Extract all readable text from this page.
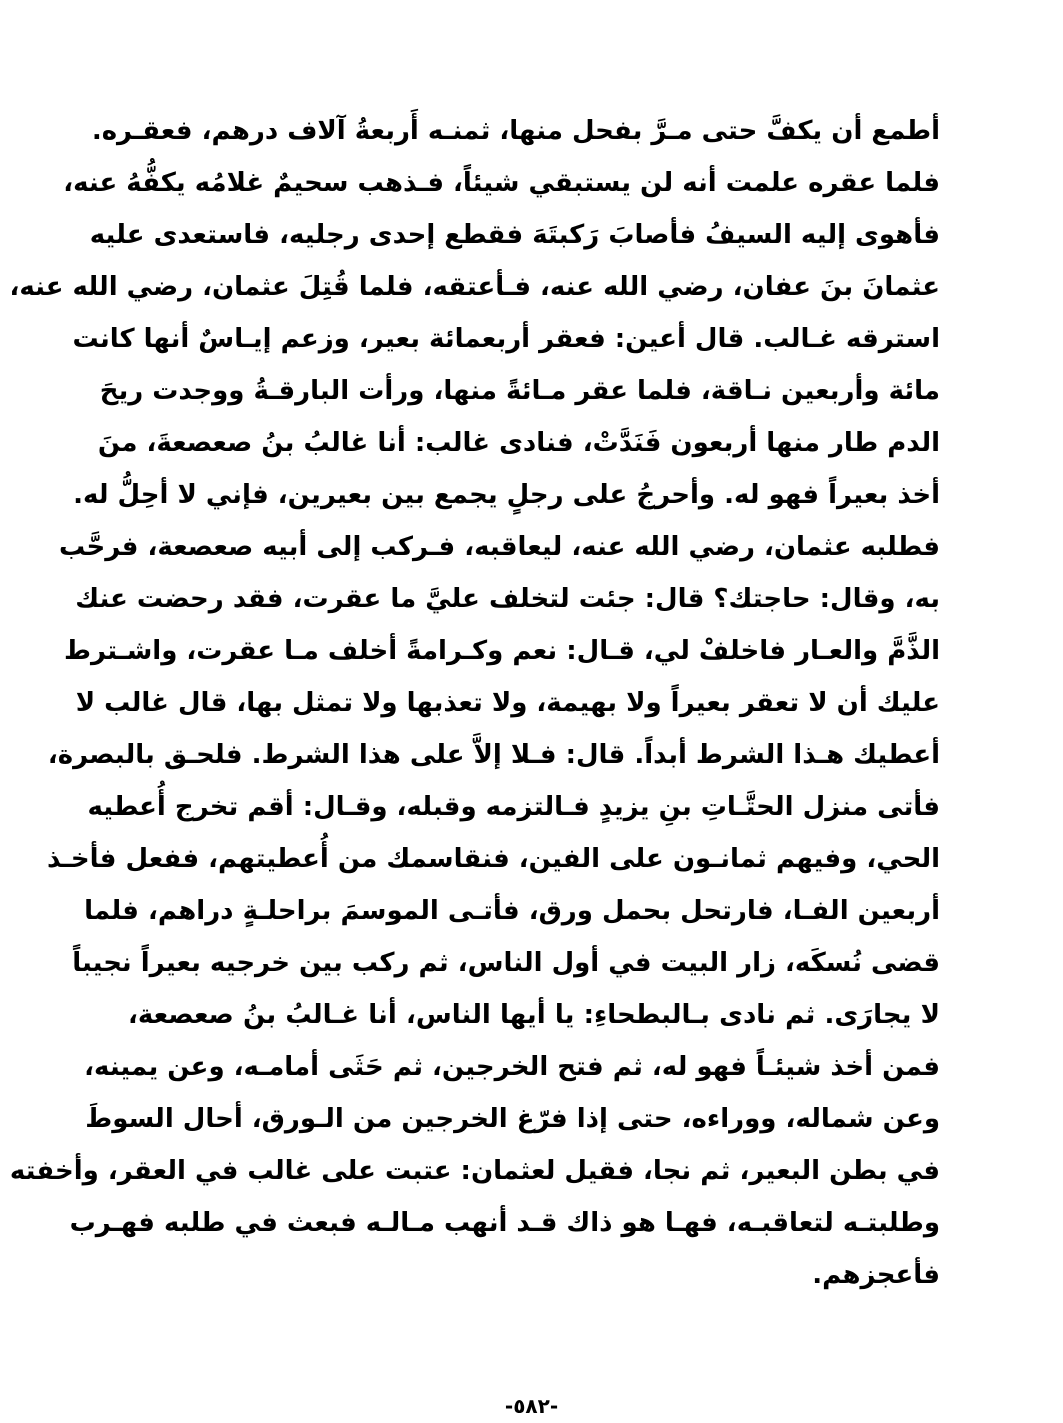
أطمع أن يكفَّ حتى مـرَّ بفحل منها، ثمنـه أَربعةُ آلاف درهم، فعقـره.
فلما عقره علمت أنه لن يستبقي شيئاً، فـذهب سحيمٌ غلامُه يكفُّهُ عنه،
فأهوى إليه السيفُ فأصابَ رَكبتَهَ فقطع إحدى رجليه، فاستعدى عليه
عثمانَ بنَ عفان، رضي الله عنه، فـأعتقه، فلما قُتِلَ عثمان، رضي الله عنه،
استرقه غـالب. قال أعين: فعقر أربعمائة بعير، وزعم إيـاسٌ أنها كانت
مائة وأربعين نـاقة، فلما عقر مـائةً منها، ورأت البارقـةُ ووجدت ريحَ
الدم طار منها أربعون فَنَدَّتْ، فنادى غالب: أنا غالبُ بنُ صعصعةَ، منَ
أخذ بعيراً فهو له. وأحرجُ على رجلٍ يجمع بين بعيرين، فإني لا أحِلُّ له.
فطلبه عثمان، رضي الله عنه، ليعاقبه، فـركب إلى أبيه صعصعة، فرحَّب
به، وقال: حاجتك؟ قال: جئت لتخلف عليَّ ما عقرت، فقد رحضت عنك
الذَّمَّ والعـار فاخلفْ لي، قـال: نعم وكـرامةً أخلف مـا عقرت، واشـترط
عليك أن لا تعقر بعيراً ولا بهيمة، ولا تعذبها ولا تمثل بها، قال غالب لا
أعطيك هـذا الشرط أبداً. قال: فـلا إلاَّ على هذا الشرط. فلحـق بالبصرة،
فأتى منزل الحتَّـاتِ بنِ يزيدٍ فـالتزمه وقبله، وقـال: أقم تخرج أُعطيه
الحي، وفيهم ثمانـون على الفين، فنقاسمك من أُعطيتهم، ففعل فأخـذ
أربعين الفـا، فارتحل بحمل ورق، فأتـى الموسمَ براحلـةٍ دراهم، فلما
قضى نُسكَه، زار البيت في أول الناس، ثم ركب بين خرجيه بعيراً نجيباً
لا يجارَى. ثم نادى بـالبطحاءِ: يا أيها الناس، أنا غـالبُ بنُ صعصعة،
فمن أخذ شيئـاً فهو له، ثم فتح الخرجين، ثم حَثَى أمامـه، وعن يمينه،
وعن شماله، ووراءه، حتى إذا فرّغ الخرجين من الـورق، أحال السوطَ
في بطن البعير، ثم نجا، فقيل لعثمان: عتبت على غالب في العقر، وأخفته
وطلبتـه لتعاقبـه، فهـا هو ذاك قـد أنهب مـالـه فبعث في طلبه فهـرب
فأعجزهم.
-٥٨٢-
